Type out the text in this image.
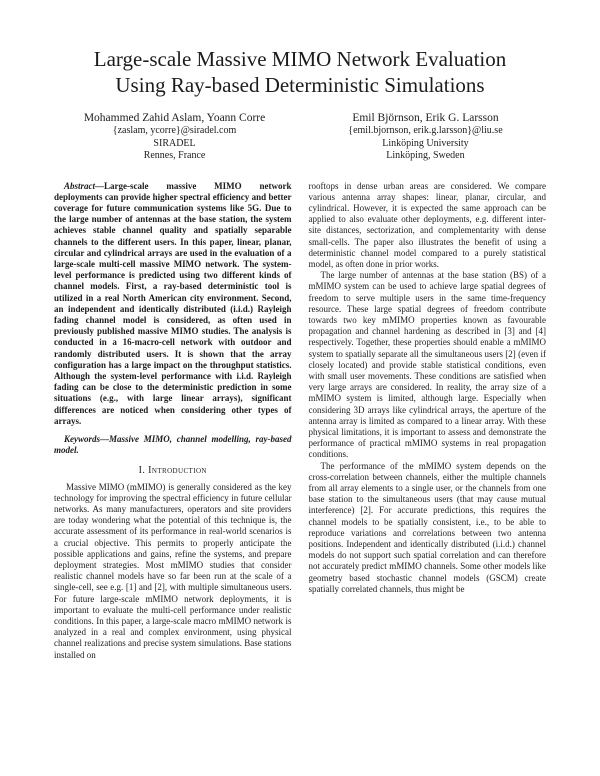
Large-scale Massive MIMO Network Evaluation Using Ray-based Deterministic Simulations
Mohammed Zahid Aslam, Yoann Corre
{zaslam, ycorre}@siradel.com
SIRADEL
Rennes, France
Emil Björnson, Erik G. Larsson
{emil.bjornson, erik.g.larsson}@liu.se
Linköping University
Linköping, Sweden

Abstract—Large-scale massive MIMO network deployments can provide higher spectral efficiency and better coverage for future communication systems like 5G. Due to the large number of antennas at the base station, the system achieves stable channel quality and spatially separable channels to the different users. In this paper, linear, planar, circular and cylindrical arrays are used in the evaluation of a large-scale multi-cell massive MIMO network. The system-level performance is predicted using two different kinds of channel models. First, a ray-based deterministic tool is utilized in a real North American city environment. Second, an independent and identically distributed (i.i.d.) Rayleigh fading channel model is considered, as often used in previously published massive MIMO studies. The analysis is conducted in a 16-macro-cell network with outdoor and randomly distributed users. It is shown that the array configuration has a large impact on the throughput statistics. Although the system-level performance with i.i.d. Rayleigh fading can be close to the deterministic prediction in some situations (e.g., with large linear arrays), significant differences are noticed when considering other types of arrays.

Keywords—Massive MIMO, channel modelling, ray-based model.

I. Introduction

Massive MIMO (mMIMO) is generally considered as the key technology for improving the spectral efficiency in future cellular networks. As many manufacturers, operators and site providers are today wondering what the potential of this technique is, the accurate assessment of its performance in real-world scenarios is a crucial objective. This permits to properly anticipate the possible applications and gains, refine the systems, and prepare deployment strategies. Most mMIMO studies that consider realistic channel models have so far been run at the scale of a single-cell, see e.g. [1] and [2], with multiple simultaneous users. For future large-scale mMIMO network deployments, it is important to evaluate the multi-cell performance under realistic conditions. In this paper, a large-scale macro mMIMO network is analyzed in a real and complex environment, using physical channel realizations and precise system simulations. Base stations installed on

rooftops in dense urban areas are considered. We compare various antenna array shapes: linear, planar, circular, and cylindrical. However, it is expected the same approach can be applied to also evaluate other deployments, e.g. different inter-site distances, sectorization, and complementarity with dense small-cells. The paper also illustrates the benefit of using a deterministic channel model compared to a purely statistical model, as often done in prior works.

The large number of antennas at the base station (BS) of a mMIMO system can be used to achieve large spatial degrees of freedom to serve multiple users in the same time-frequency resource. These large spatial degrees of freedom contribute towards two key mMIMO properties known as favourable propagation and channel hardening as described in [3] and [4] respectively. Together, these properties should enable a mMIMO system to spatially separate all the simultaneous users [2] (even if closely located) and provide stable statistical conditions, even with small user movements. These conditions are satisfied when very large arrays are considered. In reality, the array size of a mMIMO system is limited, although large. Especially when considering 3D arrays like cylindrical arrays, the aperture of the antenna array is limited as compared to a linear array. With these physical limitations, it is important to assess and demonstrate the performance of practical mMIMO systems in real propagation conditions.

The performance of the mMIMO system depends on the cross-correlation between channels, either the multiple channels from all array elements to a single user, or the channels from one base station to the simultaneous users (that may cause mutual interference) [2]. For accurate predictions, this requires the channel models to be spatially consistent, i.e., to be able to reproduce variations and correlations between two antenna positions. Independent and identically distributed (i.i.d.) channel models do not support such spatial correlation and can therefore not accurately predict mMIMO channels. Some other models like geometry based stochastic channel models (GSCM) create spatially correlated channels, thus might be
